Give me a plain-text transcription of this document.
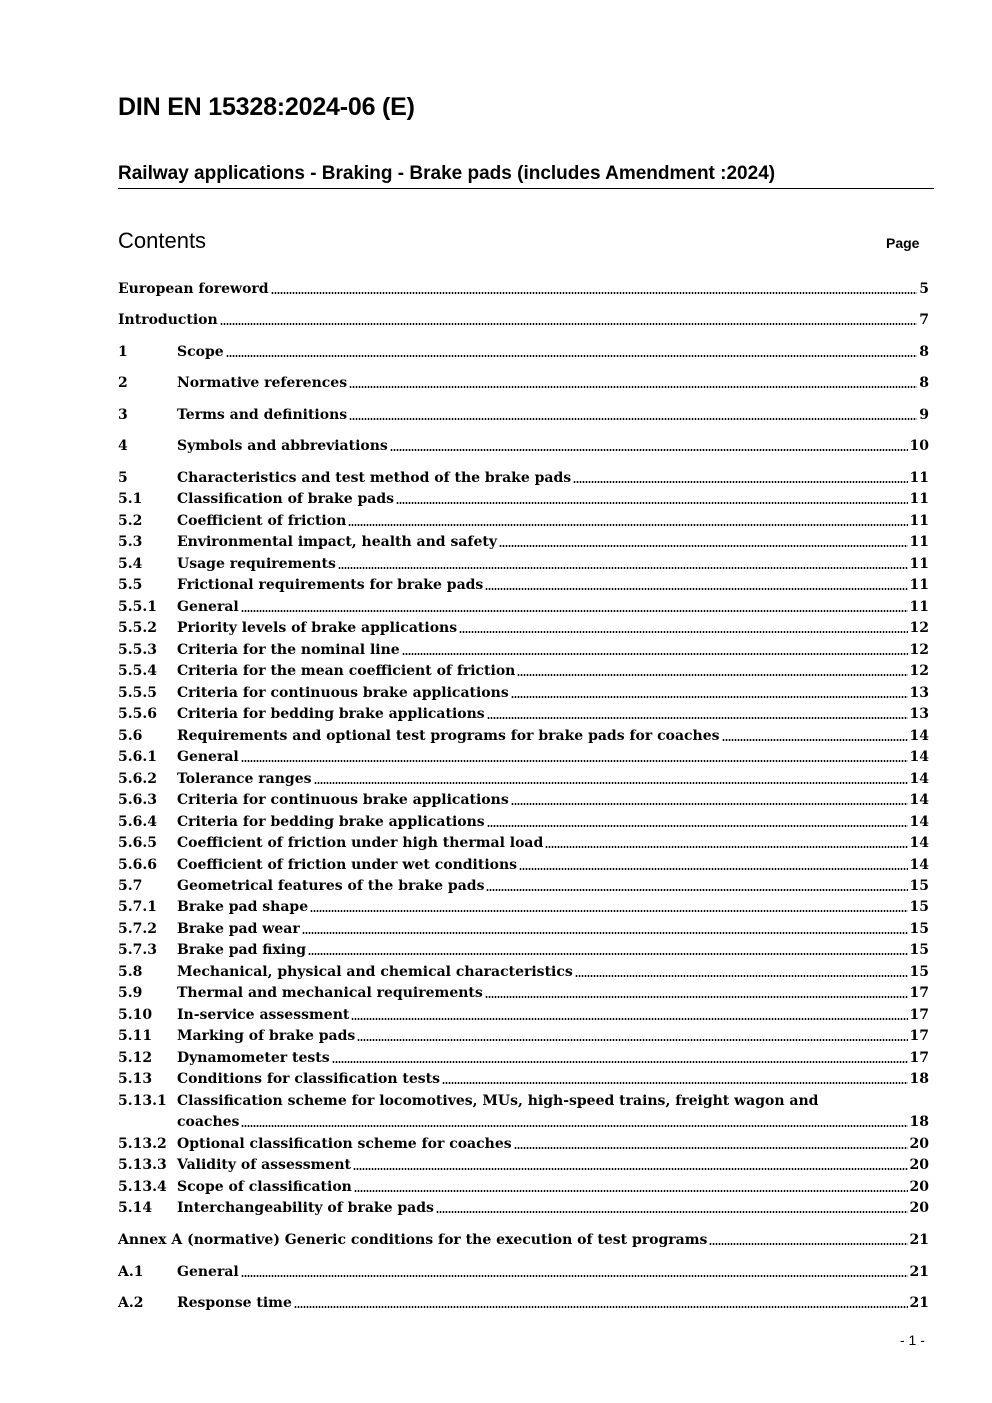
DIN EN 15328:2024-06 (E)
Railway applications - Braking - Brake pads (includes Amendment :2024)
Contents	Page
European foreword	5
Introduction	7
1	Scope	8
2	Normative references	8
3	Terms and definitions	9
4	Symbols and abbreviations	10
5	Characteristics and test method of the brake pads	11
5.1	Classification of brake pads	11
5.2	Coefficient of friction	11
5.3	Environmental impact, health and safety	11
5.4	Usage requirements	11
5.5	Frictional requirements for brake pads	11
5.5.1	General	11
5.5.2	Priority levels of brake applications	12
5.5.3	Criteria for the nominal line	12
5.5.4	Criteria for the mean coefficient of friction	12
5.5.5	Criteria for continuous brake applications	13
5.5.6	Criteria for bedding brake applications	13
5.6	Requirements and optional test programs for brake pads for coaches	14
5.6.1	General	14
5.6.2	Tolerance ranges	14
5.6.3	Criteria for continuous brake applications	14
5.6.4	Criteria for bedding brake applications	14
5.6.5	Coefficient of friction under high thermal load	14
5.6.6	Coefficient of friction under wet conditions	14
5.7	Geometrical features of the brake pads	15
5.7.1	Brake pad shape	15
5.7.2	Brake pad wear	15
5.7.3	Brake pad fixing	15
5.8	Mechanical, physical and chemical characteristics	15
5.9	Thermal and mechanical requirements	17
5.10	In-service assessment	17
5.11	Marking of brake pads	17
5.12	Dynamometer tests	17
5.13	Conditions for classification tests	18
5.13.1 Classification scheme for locomotives, MUs, high-speed trains, freight wagon and
coaches	18
5.13.2 Optional classification scheme for coaches	20
5.13.3 Validity of assessment	20
5.13.4 Scope of classification	20
5.14	Interchangeability of brake pads	20
Annex A (normative) Generic conditions for the execution of test programs	21
A.1	General	21
A.2	Response time	21
- 1 -
